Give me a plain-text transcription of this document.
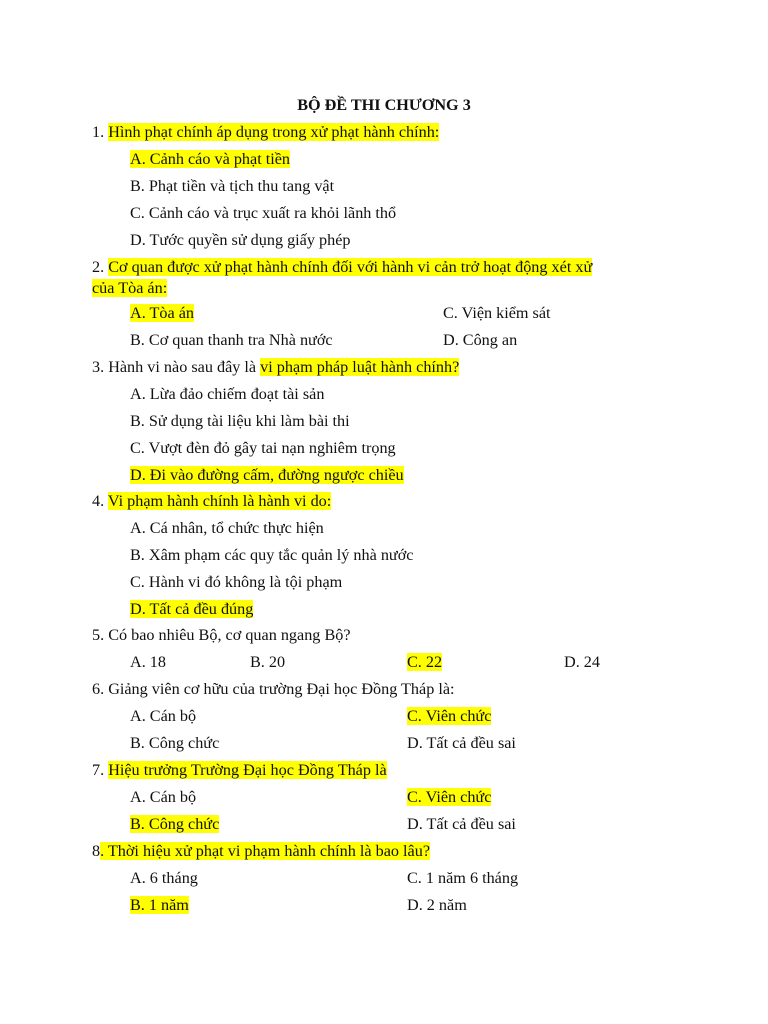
BỘ ĐỀ THI CHƯƠNG 3
1. Hình phạt chính áp dụng trong xử phạt hành chính:
A. Cảnh cáo và phạt tiền
B. Phạt tiền và tịch thu tang vật
C. Cảnh cáo và trục xuất ra khỏi lãnh thổ
D. Tước quyền sử dụng giấy phép
2. Cơ quan được xử phạt hành chính đối với hành vi cản trở hoạt động xét xử
của Tòa án:
A. Tòa án	C. Viện kiểm sát
B. Cơ quan thanh tra Nhà nước	D. Công an
3. Hành vi nào sau đây là vi phạm pháp luật hành chính?
A. Lừa đảo chiếm đoạt tài sản
B. Sử dụng tài liệu khi làm bài thi
C. Vượt đèn đỏ gây tai nạn nghiêm trọng
D. Đi vào đường cấm, đường ngược chiều
4. Vi phạm hành chính là hành vi do:
A. Cá nhân, tổ chức thực hiện
B. Xâm phạm các quy tắc quản lý nhà nước
C. Hành vi đó không là tội phạm
D. Tất cả đều đúng
5. Có bao nhiêu Bộ, cơ quan ngang Bộ?
A. 18	B. 20	C. 22	D. 24
6. Giảng viên cơ hữu của trường Đại học Đồng Tháp là:
A. Cán bộ	C. Viên chức
B. Công chức	D. Tất cả đều sai
7. Hiệu trưởng Trường Đại học Đồng Tháp là
A. Cán bộ	C. Viên chức
B. Công chức	D. Tất cả đều sai
8. Thời hiệu xử phạt vi phạm hành chính là bao lâu?
A. 6 tháng	C. 1 năm 6 tháng
B. 1 năm	D. 2 năm
